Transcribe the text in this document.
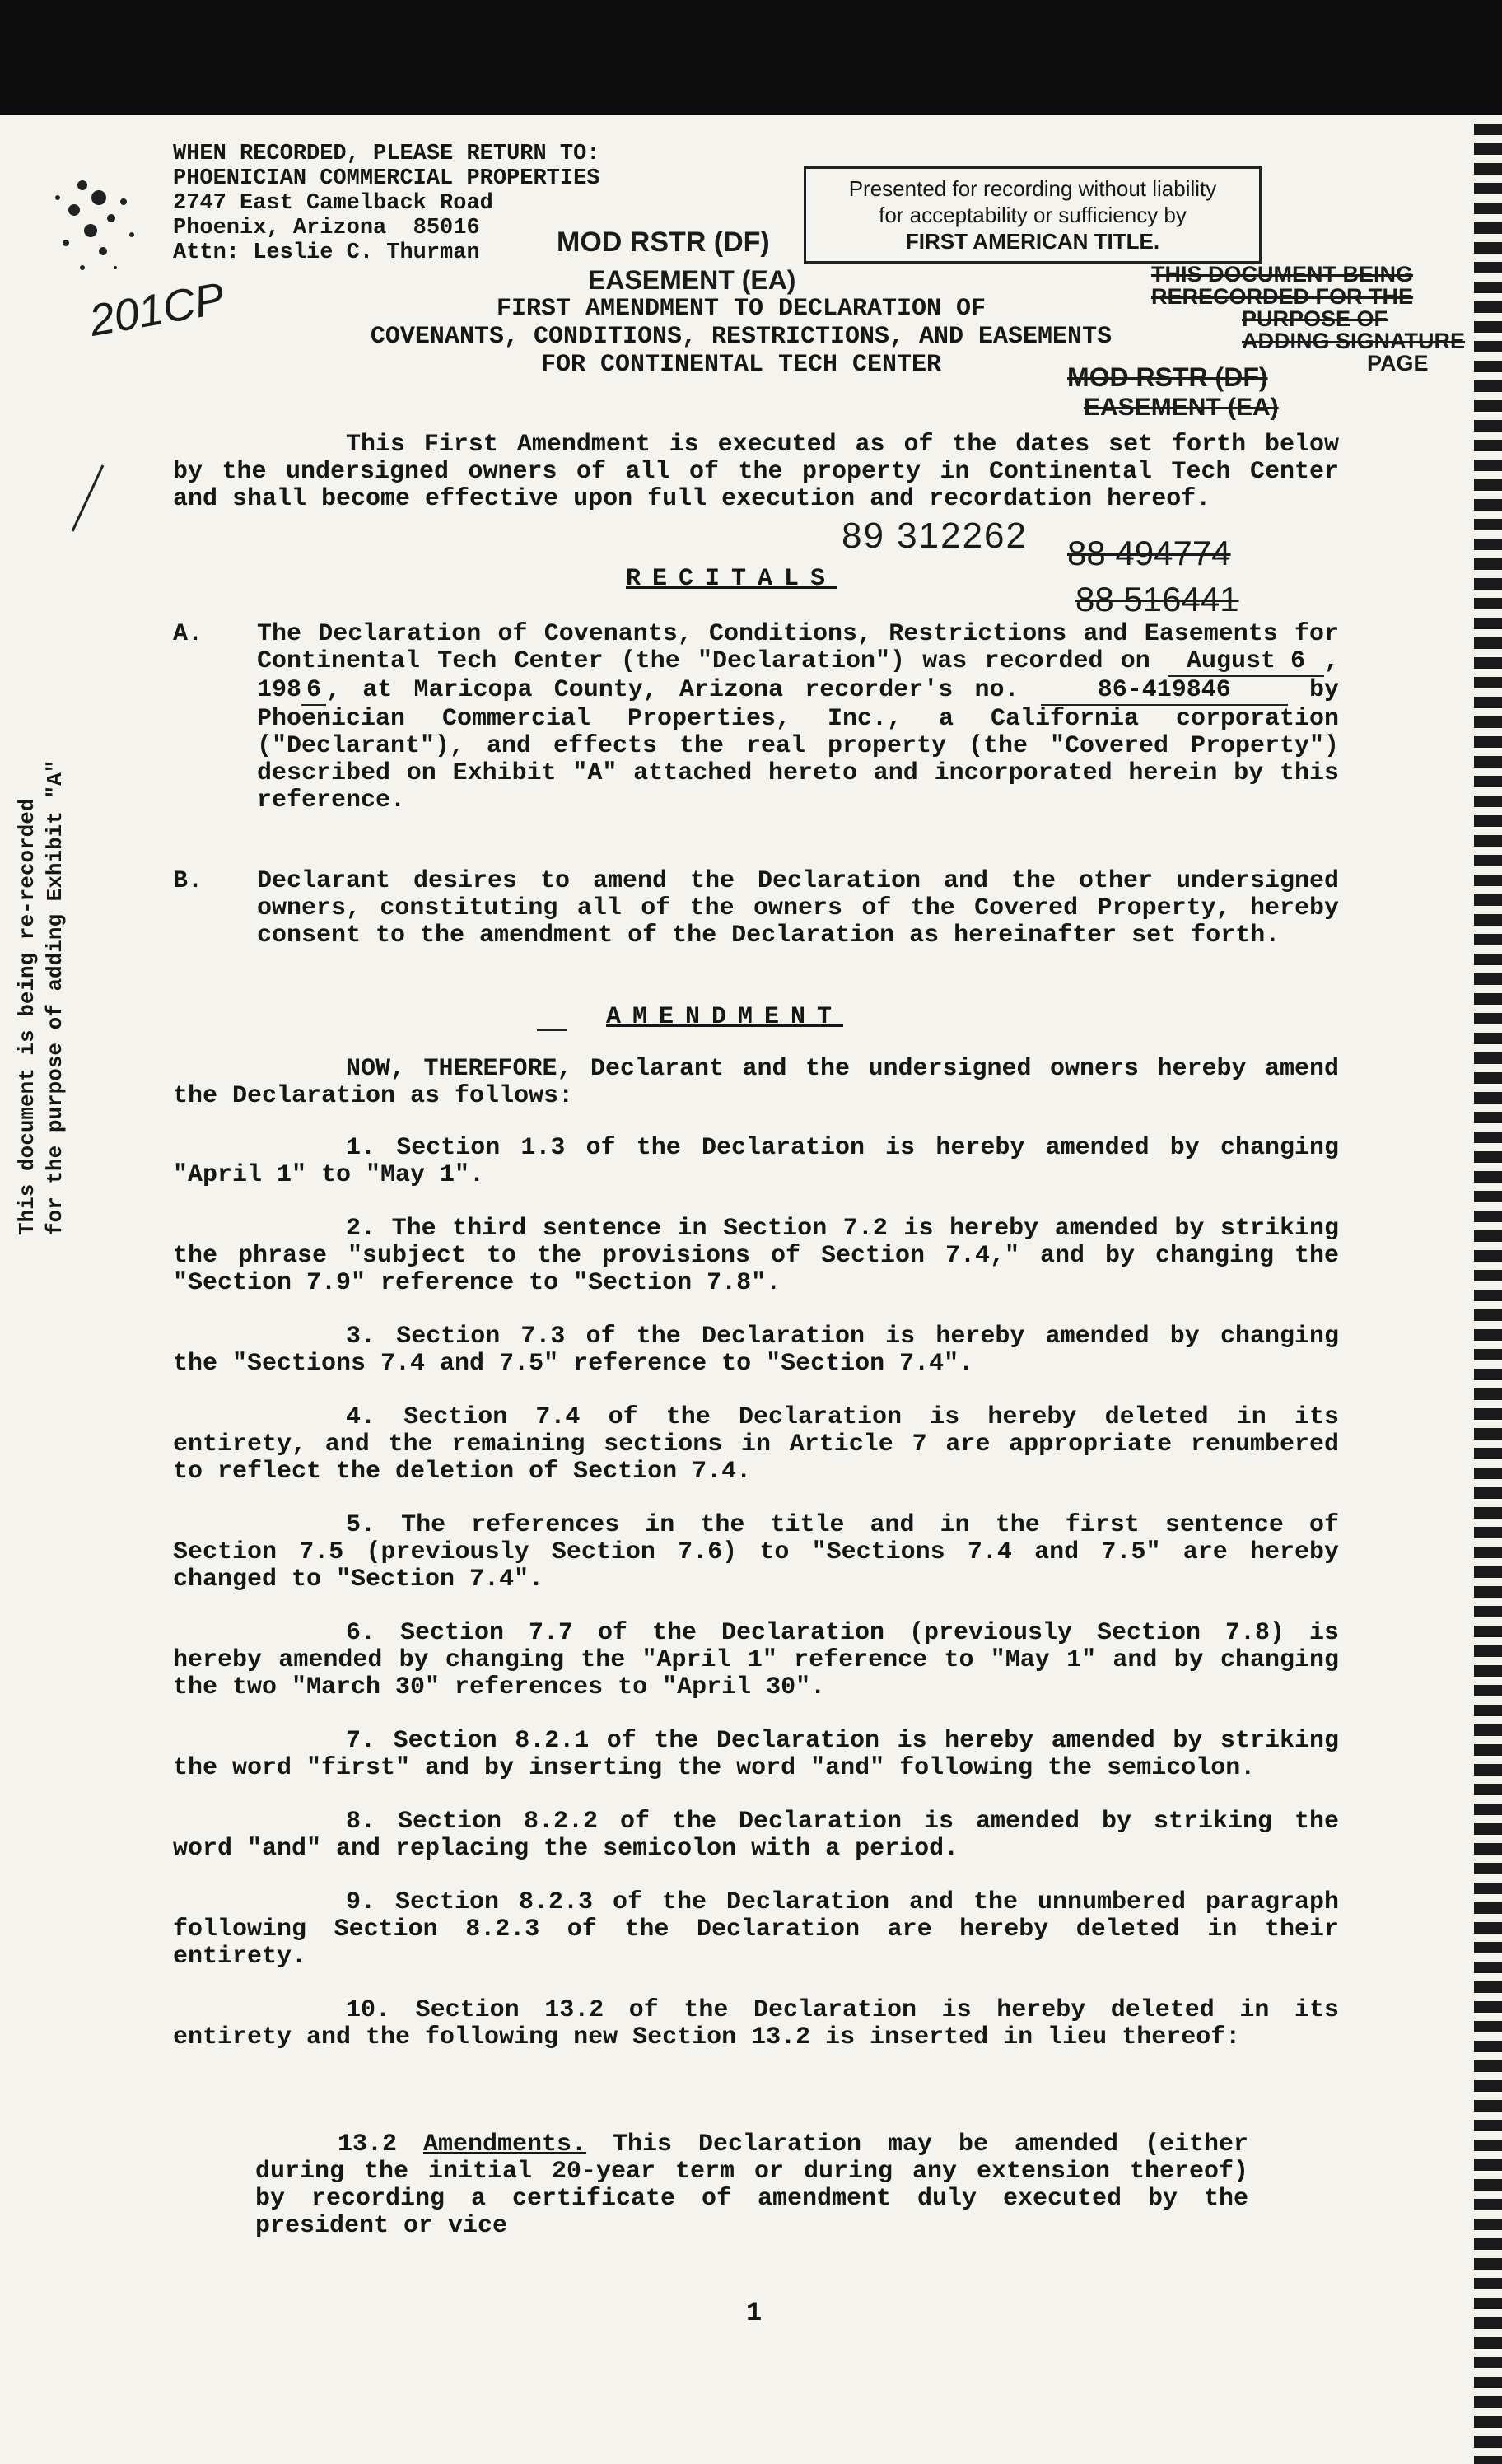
WHEN RECORDED, PLEASE RETURN TO:
PHOENICIAN COMMERCIAL PROPERTIES
2747 East Camelback Road
Phoenix, Arizona  85016
Attn: Leslie C. Thurman
Presented for recording without liability
for acceptability or sufficiency by
FIRST AMERICAN TITLE.
MOD RSTR (DF)
EASEMENT (EA)
201CP	THIS DOCUMENT BEING
RERECORDED FOR THE
PURPOSE OF
ADDING SIGNATURE
PAGE
MOD RSTR (DF)
EASEMENT (EA)
FIRST AMENDMENT TO DECLARATION OF
COVENANTS, CONDITIONS, RESTRICTIONS, AND EASEMENTS
FOR CONTINENTAL TECH CENTER
This First Amendment is executed as of the dates set forth below by the undersigned owners of all of the property in Continental Tech Center and shall become effective upon full execution and recordation hereof.
89 312262 88 494774
88 516441
RECITALS
A. The Declaration of Covenants, Conditions, Restrictions and Easements for Continental Tech Center (the "Declaration") was recorded on August 6 , 198 6 , at Maricopa County, Arizona recorder's no.	86-419846	by Phoenician Commercial Properties, Inc., a California corporation ("Declarant"), and effects the real property (the "Covered Property") described on Exhibit "A" attached hereto and incorporated herein by this reference.
B. Declarant desires to amend the Declaration and the other undersigned owners, constituting all of the owners of the Covered Property, hereby consent to the amendment of the Declaration as hereinafter set forth.
AMENDMENT
NOW, THEREFORE, Declarant and the undersigned owners hereby amend the Declaration as follows:
1. Section 1.3 of the Declaration is hereby amended by changing "April 1" to "May 1".
2. The third sentence in Section 7.2 is hereby amended by striking the phrase "subject to the provisions of Section 7.4," and by changing the "Section 7.9" reference to "Section 7.8".
3. Section 7.3 of the Declaration is hereby amended by changing the "Sections 7.4 and 7.5" reference to "Section 7.4".
4. Section 7.4 of the Declaration is hereby deleted in its entirety, and the remaining sections in Article 7 are appropriate renumbered to reflect the deletion of Section 7.4.
5. The references in the title and in the first sentence of Section 7.5 (previously Section 7.6) to "Sections 7.4 and 7.5" are hereby changed to "Section 7.4".
6. Section 7.7 of the Declaration (previously Section 7.8) is hereby amended by changing the "April 1" reference to "May 1" and by changing the two "March 30" references to "April 30".
7. Section 8.2.1 of the Declaration is hereby amended by striking the word "first" and by inserting the word "and" following the semicolon.
8. Section 8.2.2 of the Declaration is amended by striking the word "and" and replacing the semicolon with a period.
9. Section 8.2.3 of the Declaration and the unnumbered paragraph following Section 8.2.3 of the Declaration are hereby deleted in their entirety.
10. Section 13.2 of the Declaration is hereby deleted in its entirety and the following new Section 13.2 is inserted in lieu thereof:
13.2 Amendments. This Declaration may be amended (either during the initial 20-year term or during any extension thereof) by recording a certificate of amendment duly executed by the president or vice
This document is being re-recorded for the purpose of adding Exhibit "A"
1
